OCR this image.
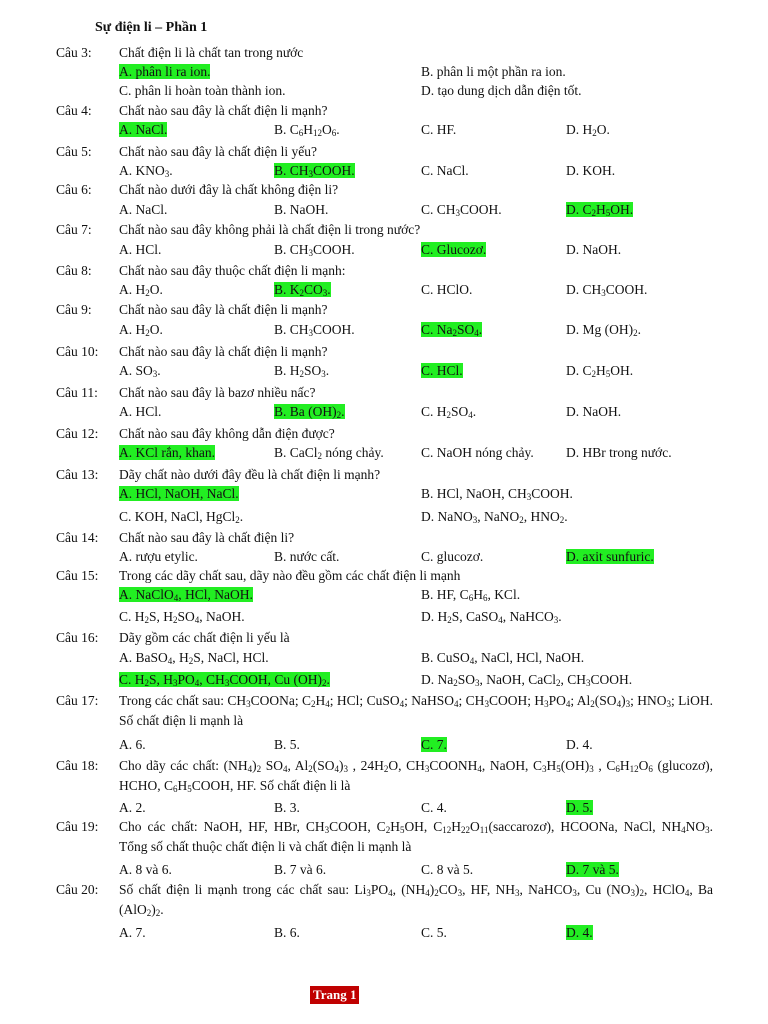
Sự điện li – Phần 1
Câu 3: Chất điện li là chất tan trong nước
A. phân li ra ion.	B. phân li một phần ra ion.
C. phân li hoàn toàn thành ion.	D. tạo dung dịch dẫn điện tốt.
Câu 4: Chất nào sau đây là chất điện li mạnh?
A. NaCl.	B. $C_6H_{12}O_6$.	C. HF.	D. $H_2O$.
Câu 5: Chất nào sau đây là chất điện li yếu?
A. $KNO_3$.	B. $CH_3COOH$.	C. NaCl.	D. KOH.
Câu 6: Chất nào dưới đây là chất không điện li?
A. NaCl.	B. NaOH.	C. $CH_3COOH$.	D. $C_2H_5OH$.
Câu 7: Chất nào sau đây không phải là chất điện li trong nước?
A. HCl.	B. $CH_3COOH$.	C. Glucozơ.	D. NaOH.
Câu 8: Chất nào sau đây thuộc chất điện li mạnh:
A. $H_2O$.	B. $K_2CO_3$.	C. HClO.	D. $CH_3COOH$.
Câu 9: Chất nào sau đây là chất điện li mạnh?
A. $H_2O$.	B. $CH_3COOH$.	C. $Na_2SO_4$.	D. Mg $(OH)_2$.
Câu 10: Chất nào sau đây là chất điện li mạnh?
A. $SO_3$.	B. $H_2SO_3$.	C. HCl.	D. $C_2H_5OH$.
Câu 11: Chất nào sau đây là bazơ nhiều nấc?
A. HCl.	B. Ba $(OH)_2$.	C. $H_2SO_4$.	D. NaOH.
Câu 12: Chất nào sau đây không dẫn điện được?
A. KCl rắn, khan.	B. CaCl$_2$ nóng chảy.	C. NaOH nóng chảy. D. HBr trong nước.
Câu 13: Dãy chất nào dưới đây đều là chất điện li mạnh?
A. HCl, NaOH, NaCl.	B. HCl, NaOH, $CH_3COOH$.
C. KOH, NaCl, HgCl$_2$.	D. NaNO$_3$, NaNO$_2$, $HNO_2$.
Câu 14: Chất nào sau đây là chất điện li?
A. rượu etylic.	B. nước cất.	C. glucozơ.	D. axit sunfuric.
Câu 15: Trong các dãy chất sau, dãy nào đều gồm các chất điện li mạnh
A. NaClO$_4$, HCl, NaOH.	B. HF, $C_6H_6$, KCl.
C. $H_2S$, $H_2SO_4$, NaOH.	D. $H_2S$, CaSO$_4$, NaHCO$_3$.
Câu 16: Dãy gồm các chất điện li yếu là
A. BaSO$_4$, $H_2S$, NaCl, HCl.	B. CuSO$_4$, NaCl, HCl, NaOH.
C. $H_2S$, $H_3PO_4$, $CH_3COOH$, Cu $(OH)_2$.	D. $Na_2SO_3$, NaOH, CaCl$_2$, $CH_3COOH$.
Câu 17: Trong các chất sau: $CH_3COONa$; $C_2H_4$; HCl; CuSO$_4$; NaHSO$_4$; $CH_3COOH$; $H_3PO_4$; $Al_2(SO_4)_3$; $HNO_3$; LiOH. Số chất điện li mạnh là
A. 6.	B. 5.	C. 7.	D. 4.
Câu 18: Cho dãy các chất: $(NH_4)_2$ $SO_4$, $Al_2(SO_4)_3$ , $24H_2O$, $CH_3COONH_4$, NaOH, $C_3H_5(OH)_3$ , $C_6H_{12}O_6$ (glucozơ), HCHO, $C_6H_5COOH$, HF. Số chất điện li là
A. 2.	B. 3.	C. 4.	D. 5.
Câu 19: Cho các chất: NaOH, HF, HBr, $CH_3COOH$, $C_2H_5OH$, $C_{12}H_{22}O_{11}(saccarozơ)$, HCOONa, NaCl, $NH_4NO_3$. Tổng số chất thuộc chất điện li và chất điện li mạnh là
A. 8 và 6.	B. 7 và 6.	C. 8 và 5.	D. 7 và 5.
Câu 20: Số chất điện li mạnh trong các chất sau: $Li_3PO_4$, $(NH_4)_2CO_3$, HF, $NH_3$, NaHCO$_3$, Cu $(NO_3)_2$, HClO$_4$, Ba $(AlO_2)_2$.
A. 7.	B. 6.	C. 5.	D. 4.
Trang 1
